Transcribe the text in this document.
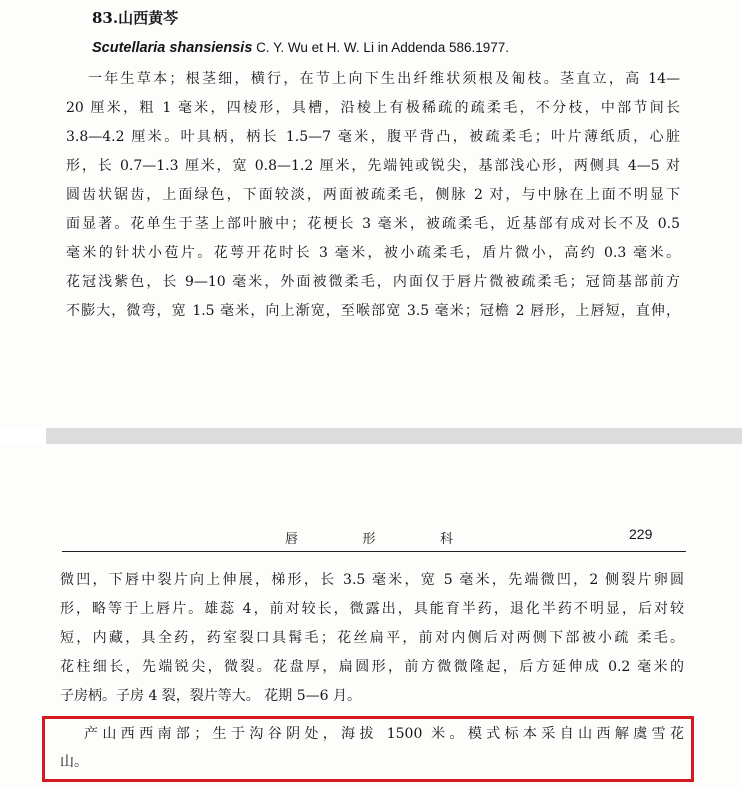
83.山西黄芩
Scutellaria shansiensis C. Y. Wu et H. W. Li in Addenda 586.1977.
一年生草本；根茎细，横行，在节上向下生出纤维状须根及匍枝。茎直立，高 14—
20 厘米，粗 1 毫米，四棱形，具槽，沿棱上有极稀疏的疏柔毛，不分枝，中部节间长
3.8—4.2 厘米。叶具柄，柄长 1.5—7 毫米，腹平背凸，被疏柔毛；叶片薄纸质，心脏
形，长 0.7—1.3 厘米，宽 0.8—1.2 厘米，先端钝或锐尖，基部浅心形，两侧具 4—5 对
圆齿状锯齿，上面绿色，下面较淡，两面被疏柔毛，侧脉 2 对，与中脉在上面不明显下
面显著。花单生于茎上部叶腋中；花梗长 3 毫米，被疏柔毛，近基部有成对长不及 0.5
毫米的针状小苞片。花萼开花时长 3 毫米，被小疏柔毛，盾片微小，高约 0.3 毫米。
花冠浅紫色，长 9—10 毫米，外面被微柔毛，内面仅于唇片微被疏柔毛；冠筒基部前方
不膨大，微弯，宽 1.5 毫米，向上渐宽，至喉部宽 3.5 毫米；冠檐 2 唇形，上唇短，直伸，
唇形科	229
微凹，下唇中裂片向上伸展，梯形，长 3.5 毫米，宽 5 毫米，先端微凹，2 侧裂片卵圆
形，略等于上唇片。雄蕊 4，前对较长，微露出，具能育半药，退化半药不明显，后对较
短，内藏，具全药，药室裂口具髯毛；花丝扁平，前对内侧后对两侧下部被小疏 柔毛。
花柱细长，先端锐尖，微裂。花盘厚，扁圆形，前方微微隆起，后方延伸成 0.2 毫米的
子房柄。子房 4 裂，裂片等大。 花期 5—6 月。
产山西西南部；生于沟谷阴处，海拔 1500 米。模式标本采自山西解虞雪花
山。
